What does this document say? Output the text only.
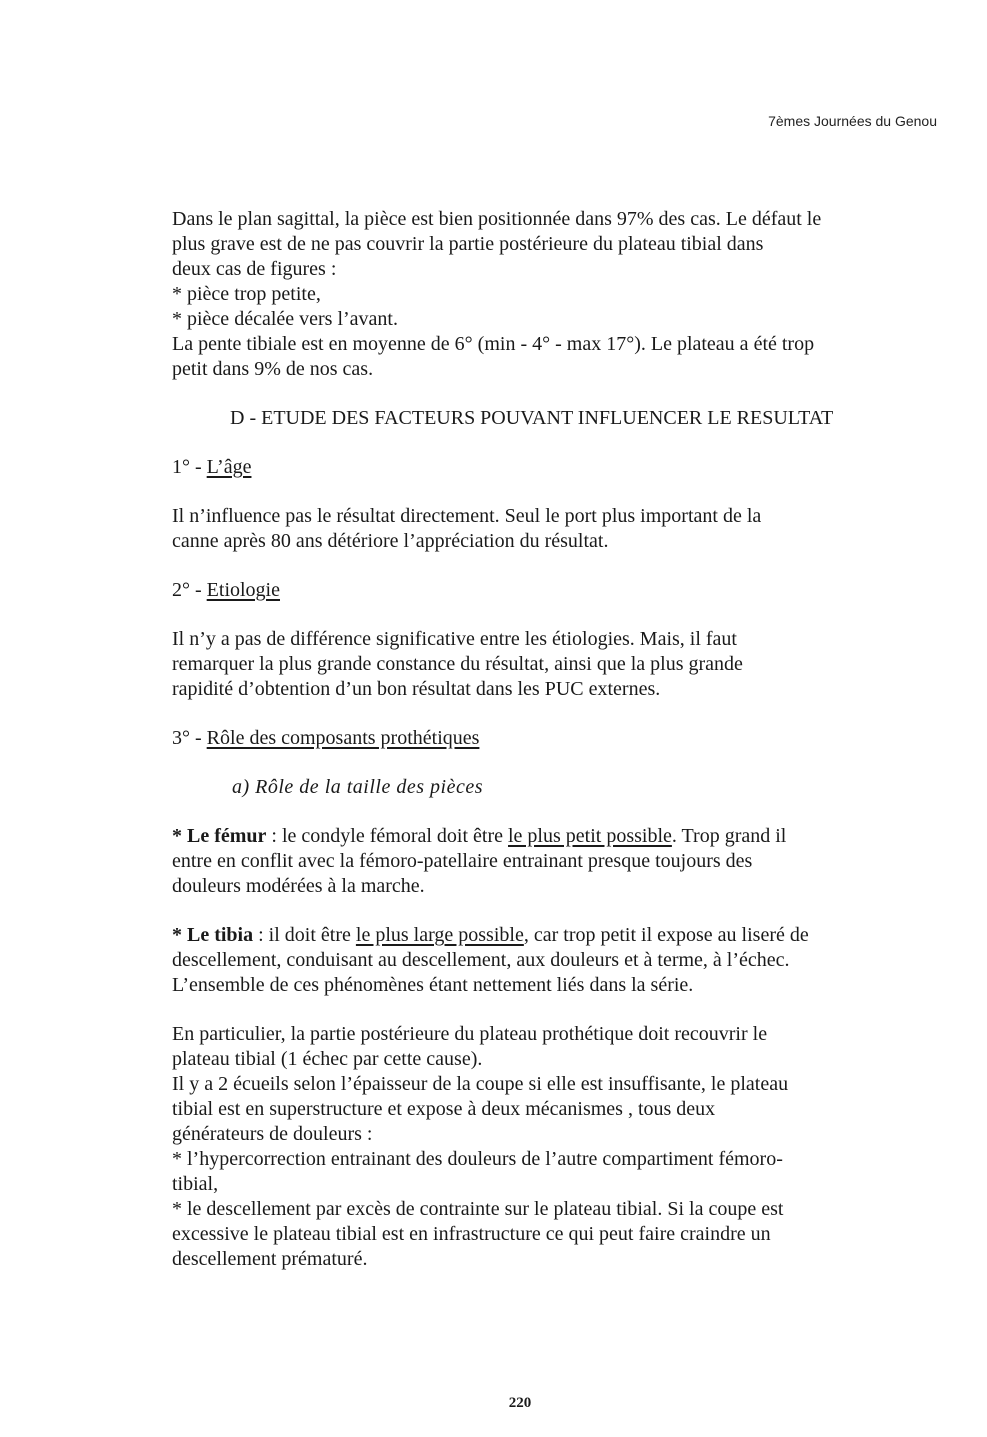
7èmes Journées du Genou
Dans le plan sagittal, la pièce est bien positionnée dans 97% des cas. Le défaut le
plus grave est de ne pas couvrir la partie postérieure du plateau tibial dans
deux cas de figures :
* pièce trop petite,
* pièce décalée vers l’avant.
La pente tibiale est en moyenne de 6° (min - 4° - max 17°). Le plateau a été trop
petit dans 9% de nos cas.

D - ETUDE DES FACTEURS POUVANT INFLUENCER LE RESULTAT

1° - L’âge

Il n’influence pas le résultat directement. Seul le port plus important de la
canne après 80 ans détériore l’appréciation du résultat.

2° - Etiologie

Il n’y a pas de différence significative entre les étiologies. Mais, il faut
remarquer la plus grande constance du résultat, ainsi que la plus grande
rapidité d’obtention d’un bon résultat dans les PUC externes.

3° - Rôle des composants prothétiques

a) Rôle de la taille des pièces

* Le fémur : le condyle fémoral doit être le plus petit possible. Trop grand il
entre en conflit avec la fémoro-patellaire entrainant presque toujours des
douleurs modérées à la marche.
* Le tibia : il doit être le plus large possible, car trop petit il expose au liseré de
descellement, conduisant au descellement, aux douleurs et à terme, à l’échec.
L’ensemble de ces phénomènes étant nettement liés dans la série.
En particulier, la partie postérieure du plateau prothétique doit recouvrir le
plateau tibial (1 échec par cette cause).
Il y a 2 écueils selon l’épaisseur de la coupe si elle est insuffisante, le plateau
tibial est en superstructure et expose à deux mécanismes , tous deux
générateurs de douleurs :
* l’hypercorrection entrainant des douleurs de l’autre compartiment fémoro-
tibial,
* le descellement par excès de contrainte sur le plateau tibial. Si la coupe est
excessive le plateau tibial est en infrastructure ce qui peut faire craindre un
descellement prématuré.
220
